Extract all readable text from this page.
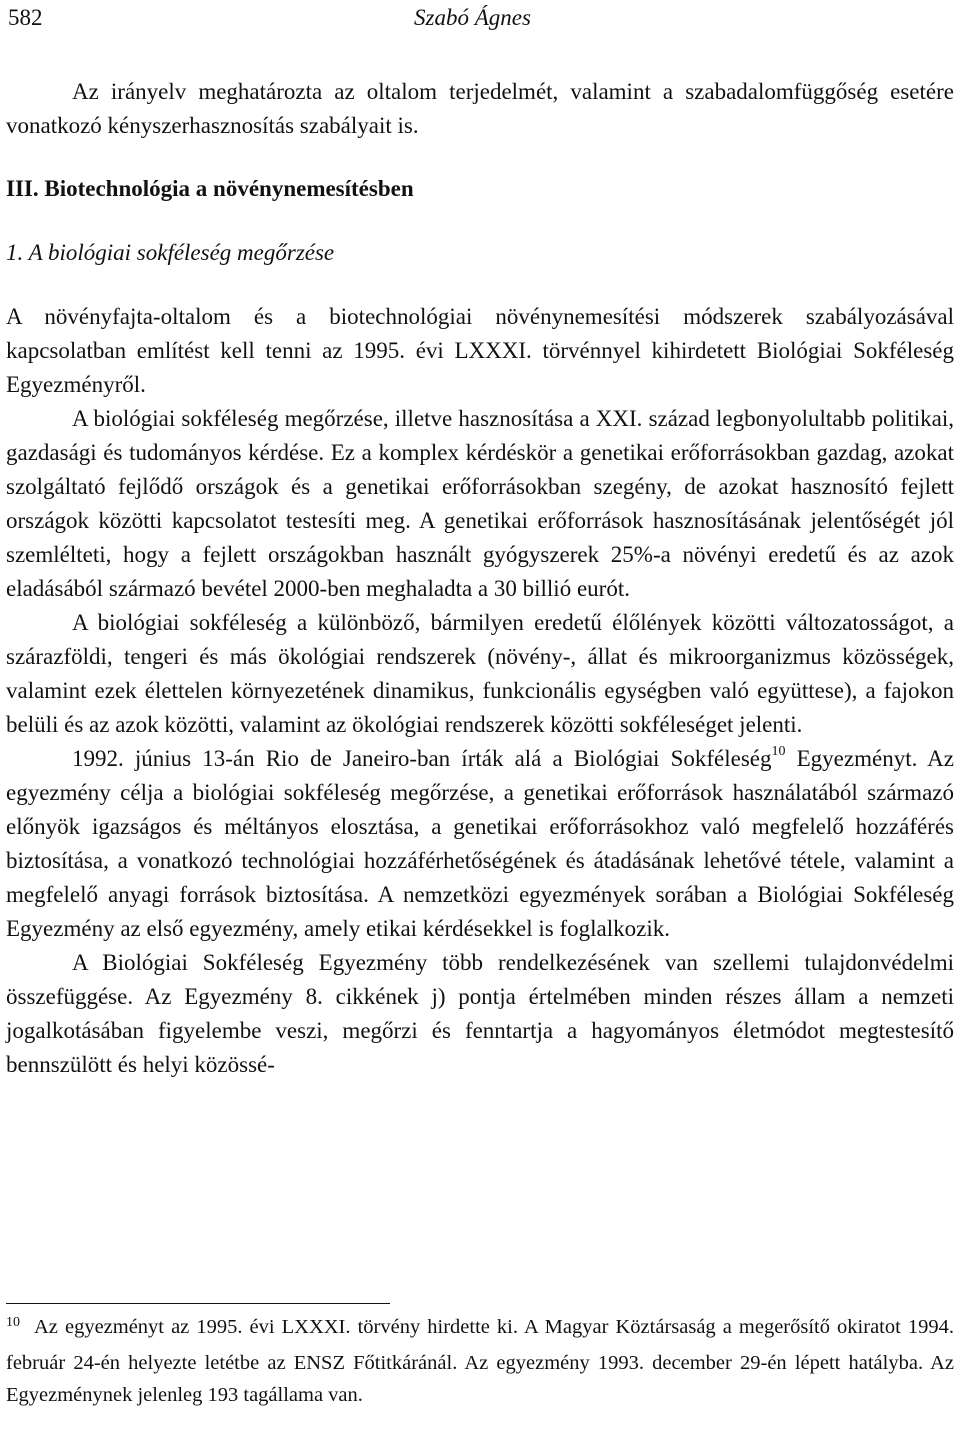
582	Szabó Ágnes

Az irányelv meghatározta az oltalom terjedelmét, valamint a szabadalomfüggőség esetére vonatkozó kényszerhasznosítás szabályait is.

III. Biotechnológia a növénynemesítésben
1. A biológiai sokféleség megőrzése

A növényfajta-oltalom és a biotechnológiai növénynemesítési módszerek szabályozásával kapcsolatban említést kell tenni az 1995. évi LXXXI. törvénnyel kihirdetett Biológiai Sokféleség Egyezményről.

A biológiai sokféleség megőrzése, illetve hasznosítása a XXI. század legbonyolultabb politikai, gazdasági és tudományos kérdése. Ez a komplex kérdéskör a genetikai erőforrásokban gazdag, azokat szolgáltató fejlődő országok és a genetikai erőforrásokban szegény, de azokat hasznosító fejlett országok közötti kapcsolatot testesíti meg. A genetikai erőforrások hasznosításának jelentőségét jól szemlélteti, hogy a fejlett országokban használt gyógyszerek 25%-a növényi eredetű és az azok eladásából származó bevétel 2000-ben meghaladta a 30 billió eurót.

A biológiai sokféleség a különböző, bármilyen eredetű élőlények közötti változatosságot, a szárazföldi, tengeri és más ökológiai rendszerek (növény-, állat és mikroorganizmus közösségek, valamint ezek élettelen környezetének dinamikus, funkcionális egységben való együttese), a fajokon belüli és az azok közötti, valamint az ökológiai rendszerek közötti sokféleséget jelenti.

1992. június 13-án Rio de Janeiro-ban írták alá a Biológiai Sokféleség$^{10}$ Egyezményt. Az egyezmény célja a biológiai sokféleség megőrzése, a genetikai erőforrások használatából származó előnyök igazságos és méltányos elosztása, a genetikai erőforrásokhoz való megfelelő hozzáférés biztosítása, a vonatkozó technológiai hozzáférhetőségének és átadásának lehetővé tétele, valamint a megfelelő anyagi források biztosítása. A nemzetközi egyezmények sorában a Biológiai Sokféleség Egyezmény az első egyezmény, amely etikai kérdésekkel is foglalkozik.

A Biológiai Sokféleség Egyezmény több rendelkezésének van szellemi tulajdonvédelmi összefüggése. Az Egyezmény 8. cikkének j) pontja értelmében minden részes állam a nemzeti jogalkotásában figyelembe veszi, megőrzi és fenntartja a hagyományos életmódot megtestesítő bennszülött és helyi közössé-

$^{10}$ Az egyezményt az 1995. évi LXXXI. törvény hirdette ki. A Magyar Köztársaság a megerősítő okiratot 1994. február 24-én helyezte letétbe az ENSZ Főtitkáránál. Az egyezmény 1993. december 29-én lépett hatályba. Az Egyezménynek jelenleg 193 tagállama van.
